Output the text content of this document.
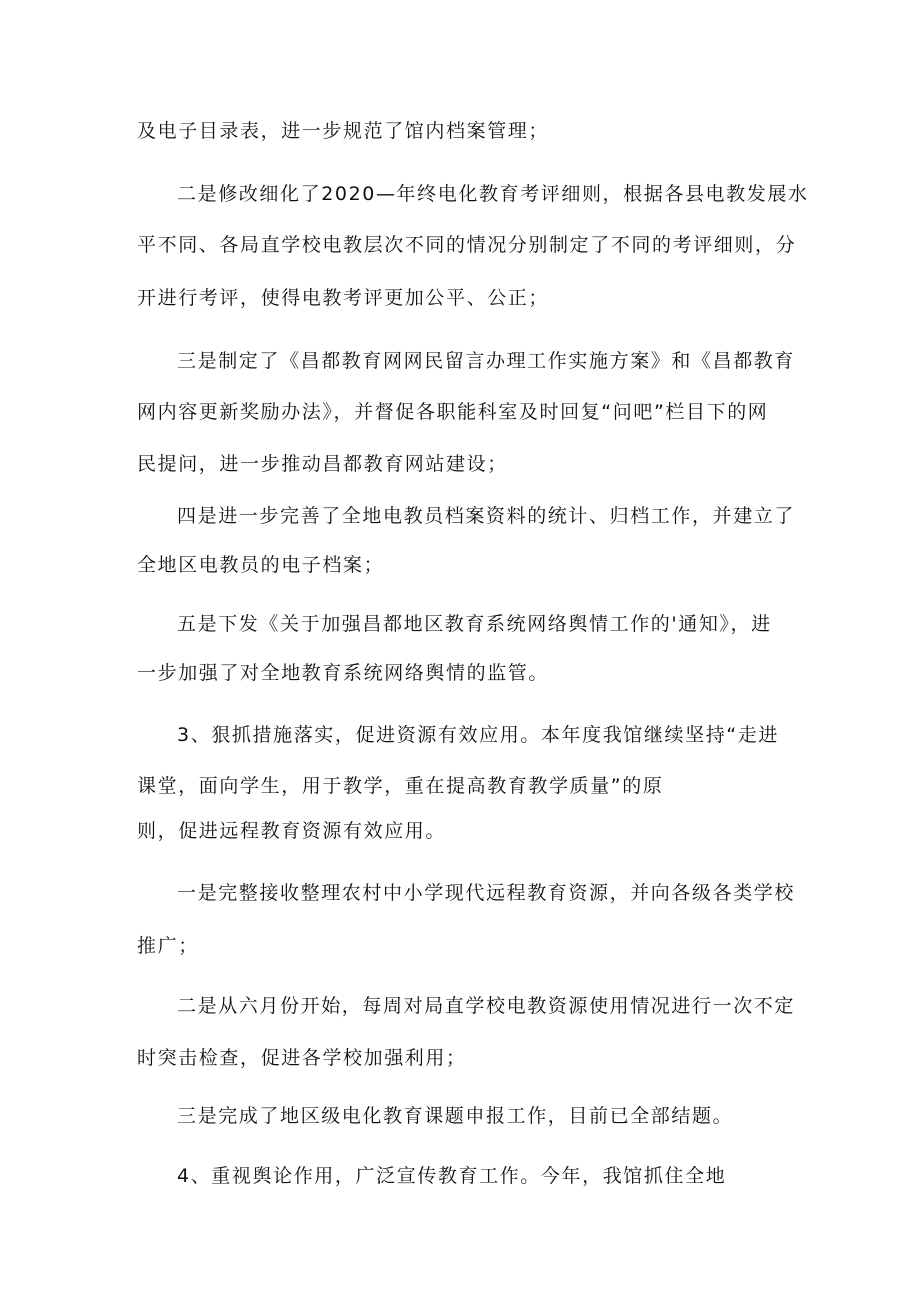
及电子目录表，进一步规范了馆内档案管理；
二是修改细化了2020—年终电化教育考评细则，根据各县电教发展水
平不同、各局直学校电教层次不同的情况分别制定了不同的考评细则，分
开进行考评，使得电教考评更加公平、公正；
三是制定了《昌都教育网网民留言办理工作实施方案》和《昌都教育
网内容更新奖励办法》，并督促各职能科室及时回复“问吧”栏目下的网
民提问，进一步推动昌都教育网站建设；
四是进一步完善了全地电教员档案资料的统计、归档工作，并建立了
全地区电教员的电子档案；
五是下发《关于加强昌都地区教育系统网络舆情工作的'通知》，进
一步加强了对全地教育系统网络舆情的监管。
3、狠抓措施落实，促进资源有效应用。本年度我馆继续坚持“走进
课堂，面向学生，用于教学，重在提高教育教学质量”的原
则，促进远程教育资源有效应用。
一是完整接收整理农村中小学现代远程教育资源，并向各级各类学校
推广；
二是从六月份开始，每周对局直学校电教资源使用情况进行一次不定
时突击检查，促进各学校加强利用；
三是完成了地区级电化教育课题申报工作，目前已全部结题。
4、重视舆论作用，广泛宣传教育工作。今年，我馆抓住全地
